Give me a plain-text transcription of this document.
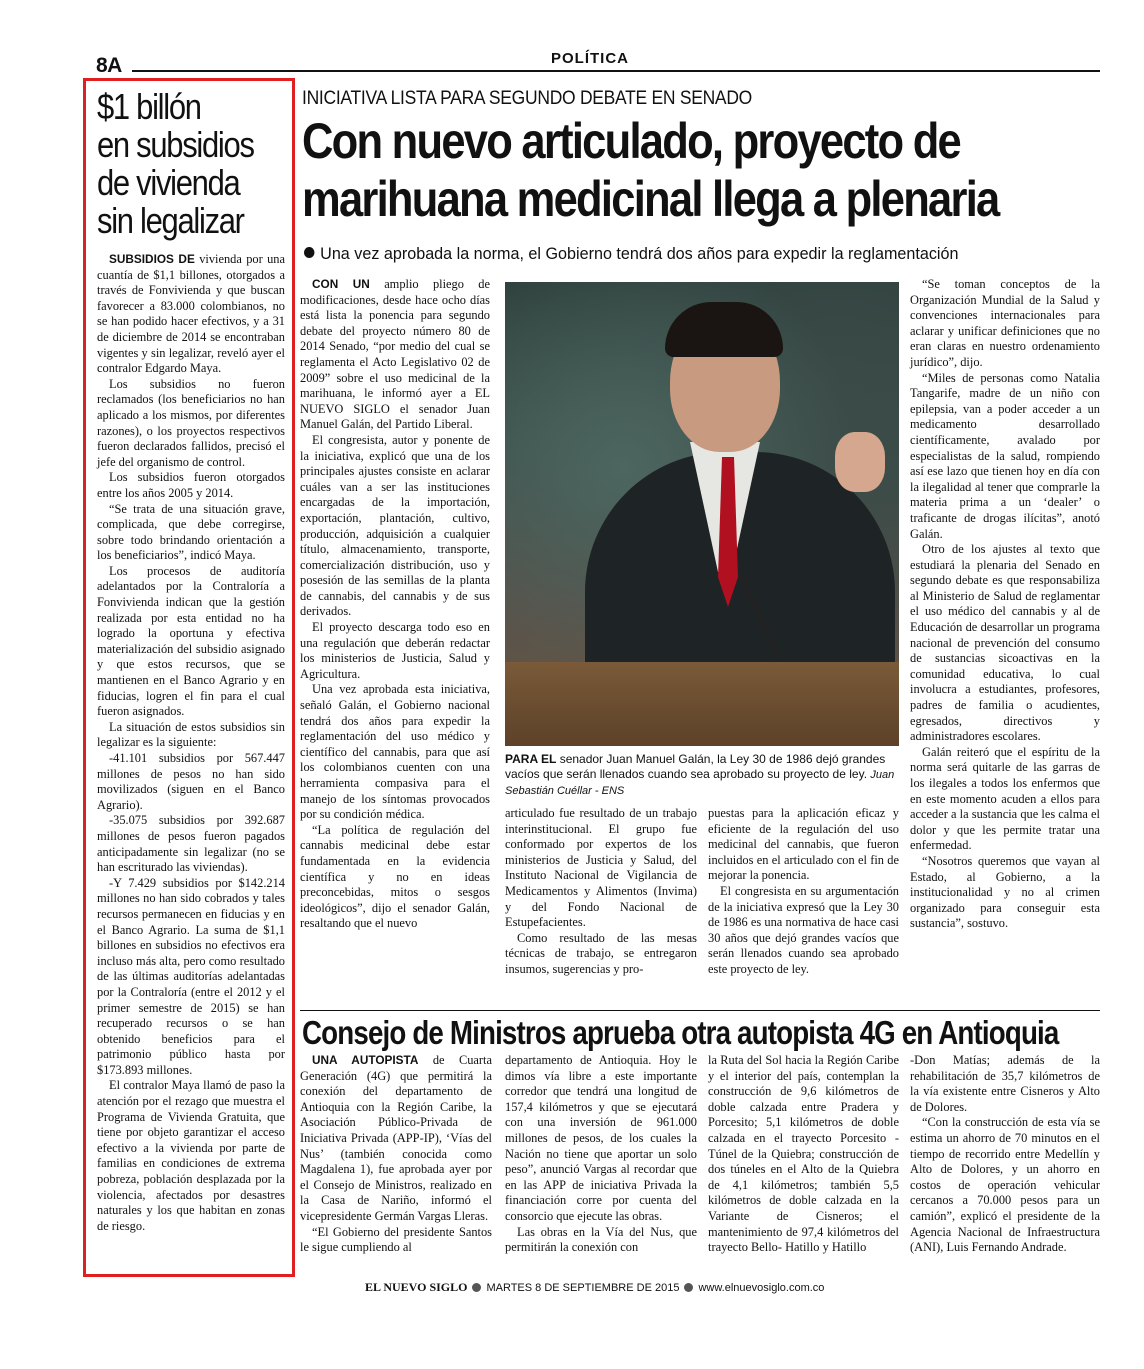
8A	POLÍTICA
$1 billón
en subsidios
de vivienda
sin legalizar

SUBSIDIOS DE vivienda por una cuantía de $1,1 billones, otorgados a través de Fonvivienda y que buscan favorecer a 83.000 colombianos, no se han podido hacer efectivos, y a 31 de diciembre de 2014 se encontraban vigentes y sin legalizar, reveló ayer el contralor Edgardo Maya.

Los subsidios no fueron reclamados (los beneficiarios no han aplicado a los mismos, por diferentes razones), o los proyectos respectivos fueron declarados fallidos, precisó el jefe del organismo de control.

Los subsidios fueron otorgados entre los años 2005 y 2014.

“Se trata de una situación grave, complicada, que debe corregirse, sobre todo brindando orientación a los beneficiarios”, indicó Maya.

Los procesos de auditoría adelantados por la Contraloría a Fonvivienda indican que la gestión realizada por esta entidad no ha logrado la oportuna y efectiva materialización del subsidio asignado y que estos recursos, que se mantienen en el Banco Agrario y en fiducias, logren el fin para el cual fueron asignados.

La situación de estos subsidios sin legalizar es la siguiente:

-41.101 subsidios por 567.447 millones de pesos no han sido movilizados (siguen en el Banco Agrario).

-35.075 subsidios por 392.687 millones de pesos fueron pagados anticipadamente sin legalizar (no se han escriturado las viviendas).

-Y 7.429 subsidios por $142.214 millones no han sido cobrados y tales recursos permanecen en fiducias y en el Banco Agrario. La suma de $1,1 billones en subsidios no efectivos era incluso más alta, pero como resultado de las últimas auditorías adelantadas por la Contraloría (entre el 2012 y el primer semestre de 2015) se han recuperado recursos o se han obtenido beneficios para el patrimonio público hasta por $173.893 millones.

El contralor Maya llamó de paso la atención por el rezago que muestra el Programa de Vivienda Gratuita, que tiene por objeto garantizar el acceso efectivo a la vivienda por parte de familias en condiciones de extrema pobreza, población desplazada por la violencia, afectados por desastres naturales y los que habitan en zonas de riesgo.

INICIATIVA LISTA PARA SEGUNDO DEBATE EN SENADO
Con nuevo articulado, proyecto de
marihuana medicinal llega a plenaria
Una vez aprobada la norma, el Gobierno tendrá dos años para expedir la reglamentación

CON UN amplio pliego de modificaciones, desde hace ocho días está lista la ponencia para segundo debate del proyecto número 80 de 2014 Senado, “por medio del cual se reglamenta el Acto Legislativo 02 de 2009” sobre el uso medicinal de la marihuana, le informó ayer a EL NUEVO SIGLO el senador Juan Manuel Galán, del Partido Liberal.

El congresista, autor y ponente de la iniciativa, explicó que una de los principales ajustes consiste en aclarar cuáles van a ser las instituciones encargadas de la importación, exportación, plantación, cultivo, producción, adquisición a cualquier título, almacenamiento, transporte, comercialización distribución, uso y posesión de las semillas de la planta de cannabis, del cannabis y de sus derivados.

El proyecto descarga todo eso en una regulación que deberán redactar los ministerios de Justicia, Salud y Agricultura.

Una vez aprobada esta iniciativa, señaló Galán, el Gobierno nacional tendrá dos años para expedir la reglamentación del uso médico y científico del cannabis, para que así los colombianos cuenten con una herramienta compasiva para el manejo de los síntomas provocados por su condición médica.

“La política de regulación del cannabis medicinal debe estar fundamentada en la evidencia científica y no en ideas preconcebidas, mitos o sesgos ideológicos”, dijo el senador Galán, resaltando que el nuevo

PARA EL senador Juan Manuel Galán, la Ley 30 de 1986 dejó grandes vacíos que serán llenados cuando sea aprobado su proyecto de ley. Juan Sebastián Cuéllar - ENS

articulado fue resultado de un trabajo interinstitucional. El grupo fue conformado por expertos de los ministerios de Justicia y Salud, del Instituto Nacional de Vigilancia de Medicamentos y Alimentos (Invima) y del Fondo Nacional de Estupefacientes.

Como resultado de las mesas técnicas de trabajo, se entregaron insumos, sugerencias y pro-

puestas para la aplicación eficaz y eficiente de la regulación del uso medicinal del cannabis, que fueron incluidos en el articulado con el fin de mejorar la ponencia.

El congresista en su argumentación de la iniciativa expresó que la Ley 30 de 1986 es una normativa de hace casi 30 años que dejó grandes vacíos que serán llenados cuando sea aprobado este proyecto de ley.

“Se toman conceptos de la Organización Mundial de la Salud y convenciones internacionales para aclarar y unificar definiciones que no eran claras en nuestro ordenamiento jurídico”, dijo.

“Miles de personas como Natalia Tangarife, madre de un niño con epilepsia, van a poder acceder a un medicamento desarrollado científicamente, avalado por especialistas de la salud, rompiendo así ese lazo que tienen hoy en día con la ilegalidad al tener que comprarle la materia prima a un ‘dealer’ o traficante de drogas ilícitas”, anotó Galán.

Otro de los ajustes al texto que estudiará la plenaria del Senado en segundo debate es que responsabiliza al Ministerio de Salud de reglamentar el uso médico del cannabis y al de Educación de desarrollar un programa nacional de prevención del consumo de sustancias sicoactivas en la comunidad educativa, lo cual involucra a estudiantes, profesores, padres de familia o acudientes, egresados, directivos y administradores escolares.

Galán reiteró que el espíritu de la norma será quitarle de las garras de los ilegales a todos los enfermos que en este momento acuden a ellos para acceder a la sustancia que les calma el dolor y que les permite tratar una enfermedad.

“Nosotros queremos que vayan al Estado, al Gobierno, a la institucionalidad y no al crimen organizado para conseguir esta sustancia”, sostuvo.

Consejo de Ministros aprueba otra autopista 4G en Antioquia

UNA AUTOPISTA de Cuarta Generación (4G) que permitirá la conexión del departamento de Antioquia con la Región Caribe, la Asociación Público-Privada de Iniciativa Privada (APP-IP), ‘Vías del Nus’ (también conocida como Magdalena 1), fue aprobada ayer por el Consejo de Ministros, realizado en la Casa de Nariño, informó el vicepresidente Germán Vargas Lleras.

“El Gobierno del presidente Santos le sigue cumpliendo al

departamento de Antioquia. Hoy le dimos vía libre a este importante corredor que tendrá una longitud de 157,4 kilómetros y que se ejecutará con una inversión de 961.000 millones de pesos, de los cuales la Nación no tiene que aportar un solo peso”, anunció Vargas al recordar que en las APP de iniciativa Privada la financiación corre por cuenta del consorcio que ejecute las obras.

Las obras en la Vía del Nus, que permitirán la conexión con

la Ruta del Sol hacia la Región Caribe y el interior del país, contemplan la construcción de 9,6 kilómetros de doble calzada entre Pradera y Porcesito; 5,1 kilómetros de doble calzada en el trayecto Porcesito -Túnel de la Quiebra; construcción de dos túneles en el Alto de la Quiebra de 4,1 kilómetros; también 5,5 kilómetros de doble calzada en la Variante de Cisneros; el mantenimiento de 97,4 kilómetros del trayecto Bello- Hatillo y Hatillo

-Don Matías; además de la rehabilitación de 35,7 kilómetros de la vía existente entre Cisneros y Alto de Dolores.

“Con la construcción de esta vía se estima un ahorro de 70 minutos en el tiempo de recorrido entre Medellín y Alto de Dolores, y un ahorro en costos de operación vehicular cercanos a 70.000 pesos para un camión”, explicó el presidente de la Agencia Nacional de Infraestructura (ANI), Luis Fernando Andrade.

EL NUEVO SIGLO MARTES 8 DE SEPTIEMBRE DE 2015 www.elnuevosiglo.com.co
